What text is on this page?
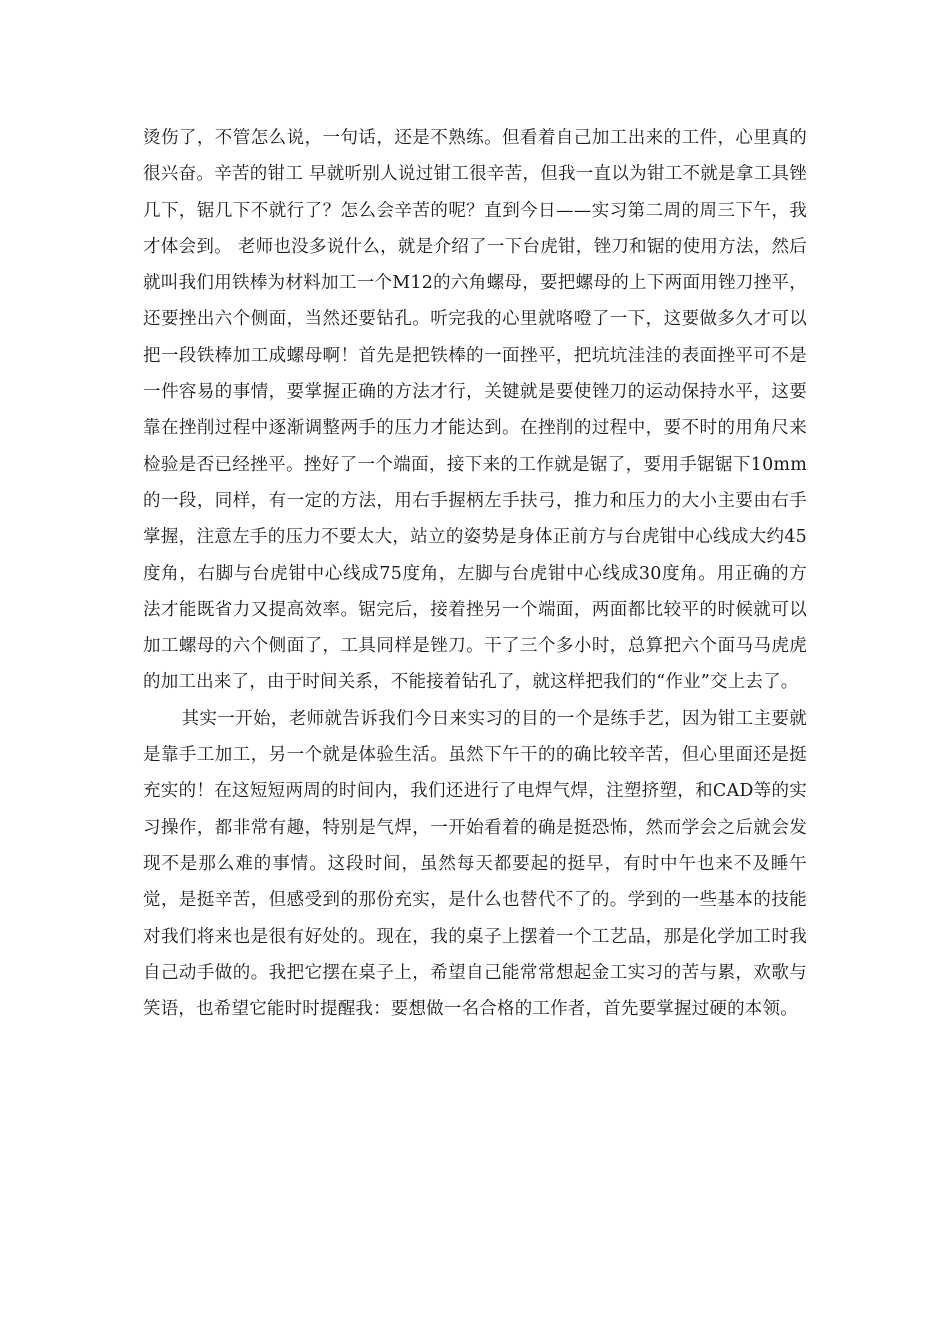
烫伤了，不管怎么说，一句话，还是不熟练。但看着自己加工出来的工件，心里真的很兴奋。辛苦的钳工 早就听别人说过钳工很辛苦，但我一直以为钳工不就是拿工具锉几下，锯几下不就行了？怎么会辛苦的呢？直到今日——实习第二周的周三下午，我才体会到。 老师也没多说什么，就是介绍了一下台虎钳，锉刀和锯的使用方法，然后就叫我们用铁棒为材料加工一个M12的六角螺母，要把螺母的上下两面用锉刀挫平，还要挫出六个侧面，当然还要钻孔。听完我的心里就咯噔了一下，这要做多久才可以把一段铁棒加工成螺母啊！首先是把铁棒的一面挫平，把坑坑洼洼的表面挫平可不是一件容易的事情，要掌握正确的方法才行，关键就是要使锉刀的运动保持水平，这要靠在挫削过程中逐渐调整两手的压力才能达到。在挫削的过程中，要不时的用角尺来检验是否已经挫平。挫好了一个端面，接下来的工作就是锯了，要用手锯锯下10mm的一段，同样，有一定的方法，用右手握柄左手扶弓，推力和压力的大小主要由右手掌握，注意左手的压力不要太大，站立的姿势是身体正前方与台虎钳中心线成大约45度角，右脚与台虎钳中心线成75度角，左脚与台虎钳中心线成30度角。用正确的方法才能既省力又提高效率。锯完后，接着挫另一个端面，两面都比较平的时候就可以加工螺母的六个侧面了，工具同样是锉刀。干了三个多小时，总算把六个面马马虎虎的加工出来了，由于时间关系，不能接着钻孔了，就这样把我们的“作业”交上去了。

其实一开始，老师就告诉我们今日来实习的目的一个是练手艺，因为钳工主要就是靠手工加工，另一个就是体验生活。虽然下午干的的确比较辛苦，但心里面还是挺充实的！在这短短两周的时间内，我们还进行了电焊气焊，注塑挤塑，和CAD等的实习操作，都非常有趣，特别是气焊，一开始看着的确是挺恐怖，然而学会之后就会发现不是那么难的事情。这段时间，虽然每天都要起的挺早，有时中午也来不及睡午觉，是挺辛苦，但感受到的那份充实，是什么也替代不了的。学到的一些基本的技能对我们将来也是很有好处的。现在，我的桌子上摆着一个工艺品，那是化学加工时我自己动手做的。我把它摆在桌子上，希望自己能常常想起金工实习的苦与累，欢歌与笑语，也希望它能时时提醒我：要想做一名合格的工作者，首先要掌握过硬的本领。
